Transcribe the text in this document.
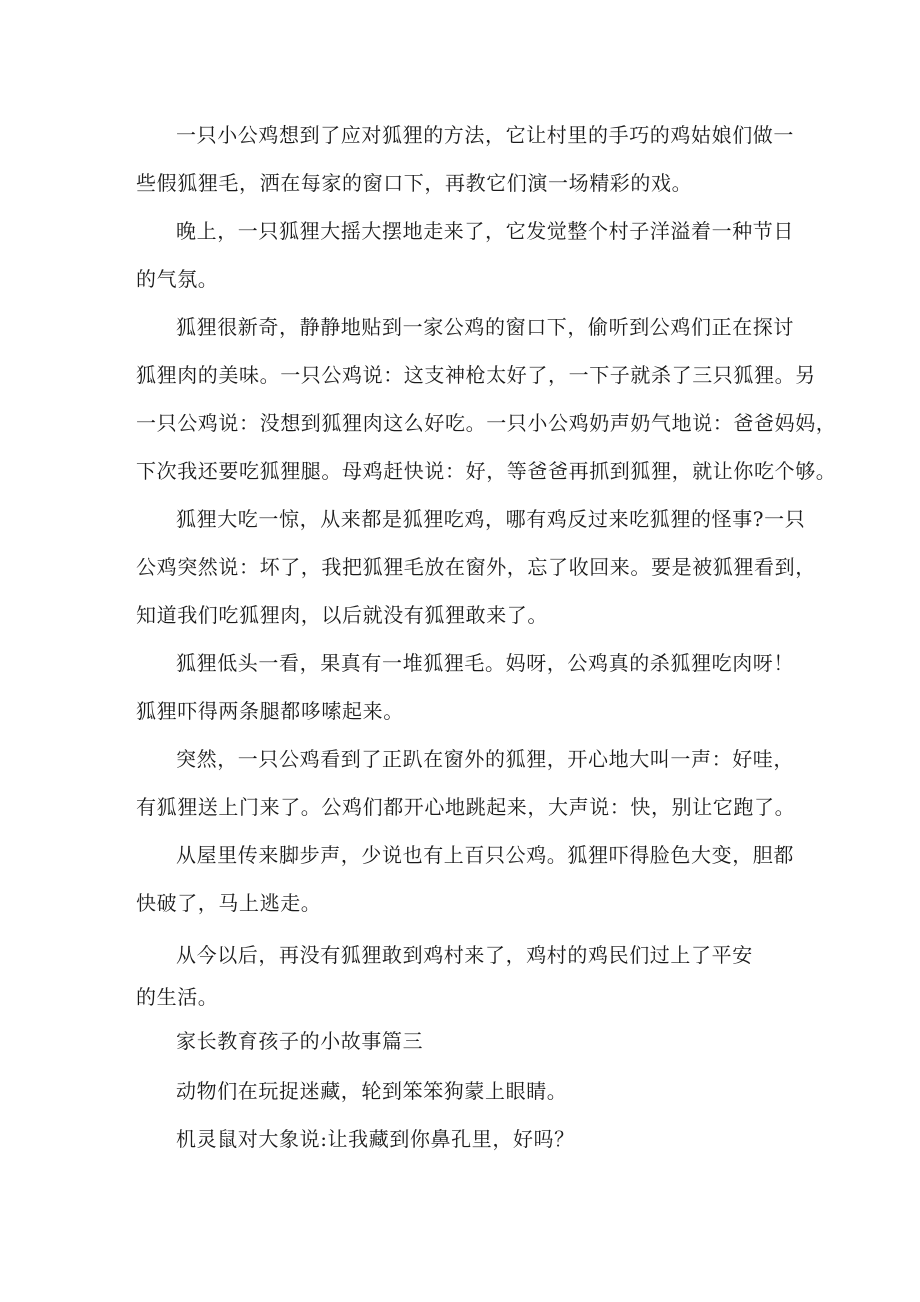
一只小公鸡想到了应对狐狸的方法，它让村里的手巧的鸡姑娘们做一
些假狐狸毛，洒在每家的窗口下，再教它们演一场精彩的戏。
晚上，一只狐狸大摇大摆地走来了，它发觉整个村子洋溢着一种节日
的气氛。
狐狸很新奇，静静地贴到一家公鸡的窗口下，偷听到公鸡们正在探讨
狐狸肉的美味。一只公鸡说：这支神枪太好了，一下子就杀了三只狐狸。另
一只公鸡说：没想到狐狸肉这么好吃。一只小公鸡奶声奶气地说：爸爸妈妈，
下次我还要吃狐狸腿。母鸡赶快说：好，等爸爸再抓到狐狸，就让你吃个够。
狐狸大吃一惊，从来都是狐狸吃鸡，哪有鸡反过来吃狐狸的怪事?一只
公鸡突然说：坏了，我把狐狸毛放在窗外，忘了收回来。要是被狐狸看到，
知道我们吃狐狸肉，以后就没有狐狸敢来了。
狐狸低头一看，果真有一堆狐狸毛。妈呀，公鸡真的杀狐狸吃肉呀！
狐狸吓得两条腿都哆嗦起来。
突然，一只公鸡看到了正趴在窗外的狐狸，开心地大叫一声：好哇，
有狐狸送上门来了。公鸡们都开心地跳起来，大声说：快，别让它跑了。
从屋里传来脚步声，少说也有上百只公鸡。狐狸吓得脸色大变，胆都
快破了，马上逃走。
从今以后，再没有狐狸敢到鸡村来了，鸡村的鸡民们过上了平安
的生活。
家长教育孩子的小故事篇三
动物们在玩捉迷藏，轮到笨笨狗蒙上眼睛。
机灵鼠对大象说:让我藏到你鼻孔里，好吗？
